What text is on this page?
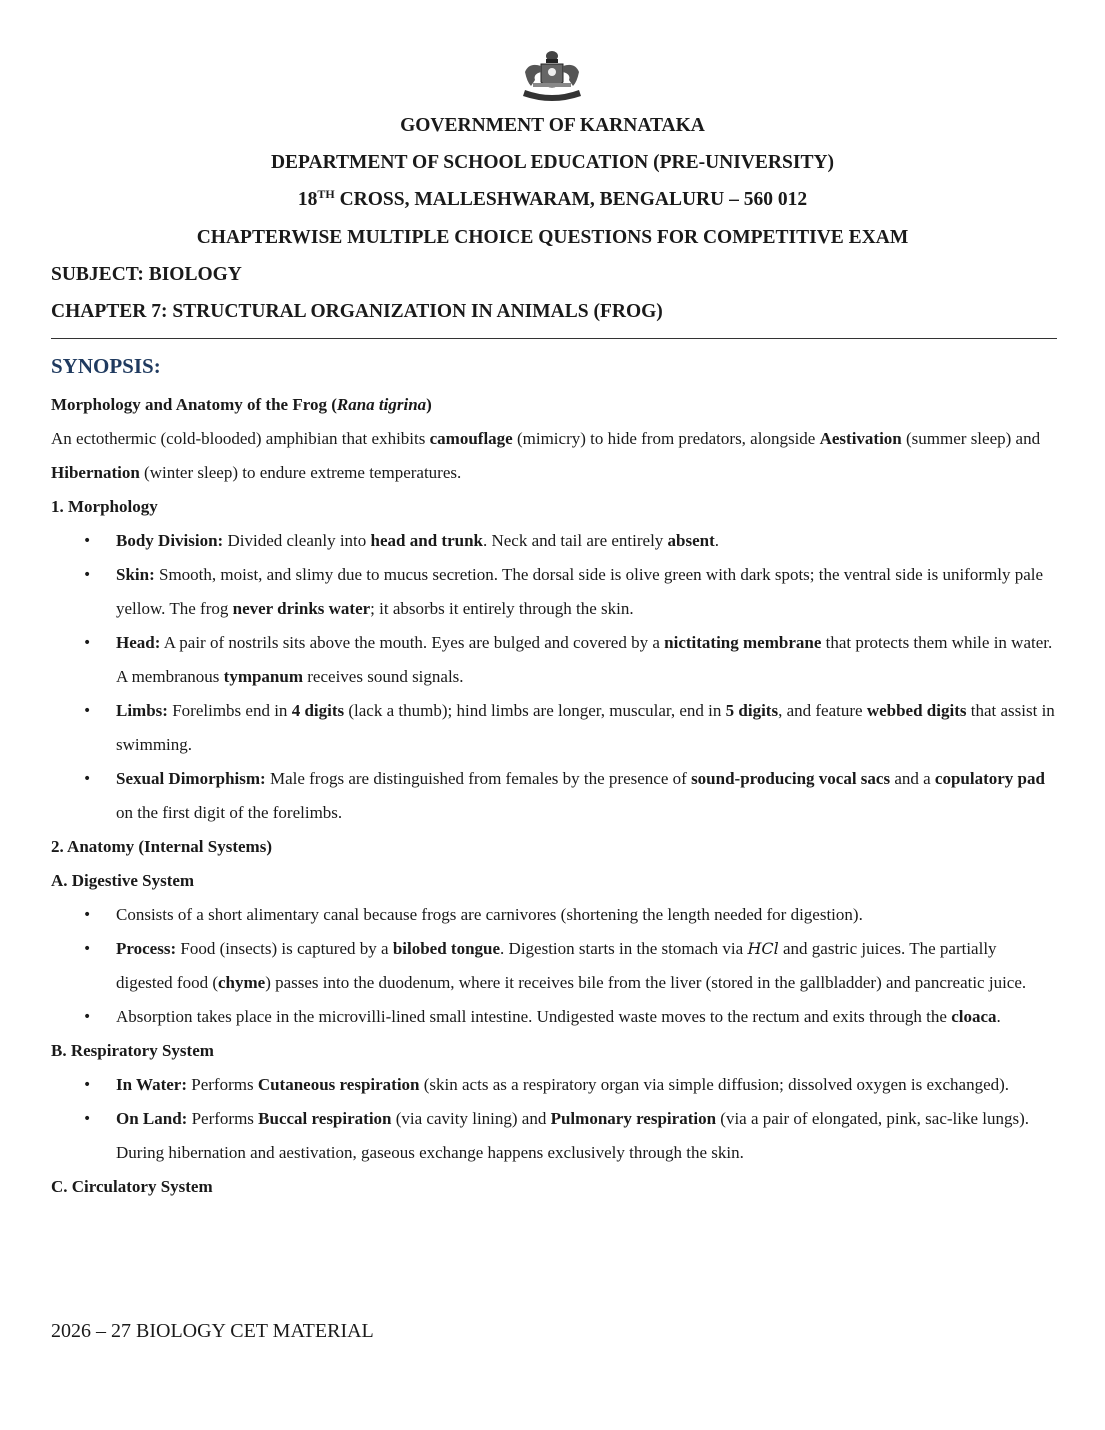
GOVERNMENT OF KARNATAKA
DEPARTMENT OF SCHOOL EDUCATION (PRE-UNIVERSITY)
18TH CROSS, MALLESHWARAM, BENGALURU – 560 012
CHAPTERWISE MULTIPLE CHOICE QUESTIONS FOR COMPETITIVE EXAM
SUBJECT: BIOLOGY
CHAPTER 7: STRUCTURAL ORGANIZATION IN ANIMALS (FROG)
SYNOPSIS:

Morphology and Anatomy of the Frog (Rana tigrina)

An ectothermic (cold-blooded) amphibian that exhibits camouflage (mimicry) to hide from predators, alongside Aestivation (summer sleep) and Hibernation (winter sleep) to endure extreme temperatures.

1. Morphology

• Body Division: Divided cleanly into head and trunk. Neck and tail are entirely absent.
• Skin: Smooth, moist, and slimy due to mucus secretion. The dorsal side is olive green with dark spots; the ventral side is uniformly pale yellow. The frog never drinks water; it absorbs it entirely through the skin.
• Head: A pair of nostrils sits above the mouth. Eyes are bulged and covered by a nictitating membrane that protects them while in water. A membranous tympanum receives sound signals.
• Limbs: Forelimbs end in 4 digits (lack a thumb); hind limbs are longer, muscular, end in 5 digits, and feature webbed digits that assist in swimming.
• Sexual Dimorphism: Male frogs are distinguished from females by the presence of sound-producing vocal sacs and a copulatory pad on the first digit of the forelimbs.

2. Anatomy (Internal Systems)

A. Digestive System

• Consists of a short alimentary canal because frogs are carnivores (shortening the length needed for digestion).
• Process: Food (insects) is captured by a bilobed tongue. Digestion starts in the stomach via HCl and gastric juices. The partially digested food (chyme) passes into the duodenum, where it receives bile from the liver (stored in the gallbladder) and pancreatic juice.
• Absorption takes place in the microvilli-lined small intestine. Undigested waste moves to the rectum and exits through the cloaca.

B. Respiratory System

• In Water: Performs Cutaneous respiration (skin acts as a respiratory organ via simple diffusion; dissolved oxygen is exchanged).
• On Land: Performs Buccal respiration (via cavity lining) and Pulmonary respiration (via a pair of elongated, pink, sac-like lungs). During hibernation and aestivation, gaseous exchange happens exclusively through the skin.

C. Circulatory System

2026 – 27 BIOLOGY CET MATERIAL
